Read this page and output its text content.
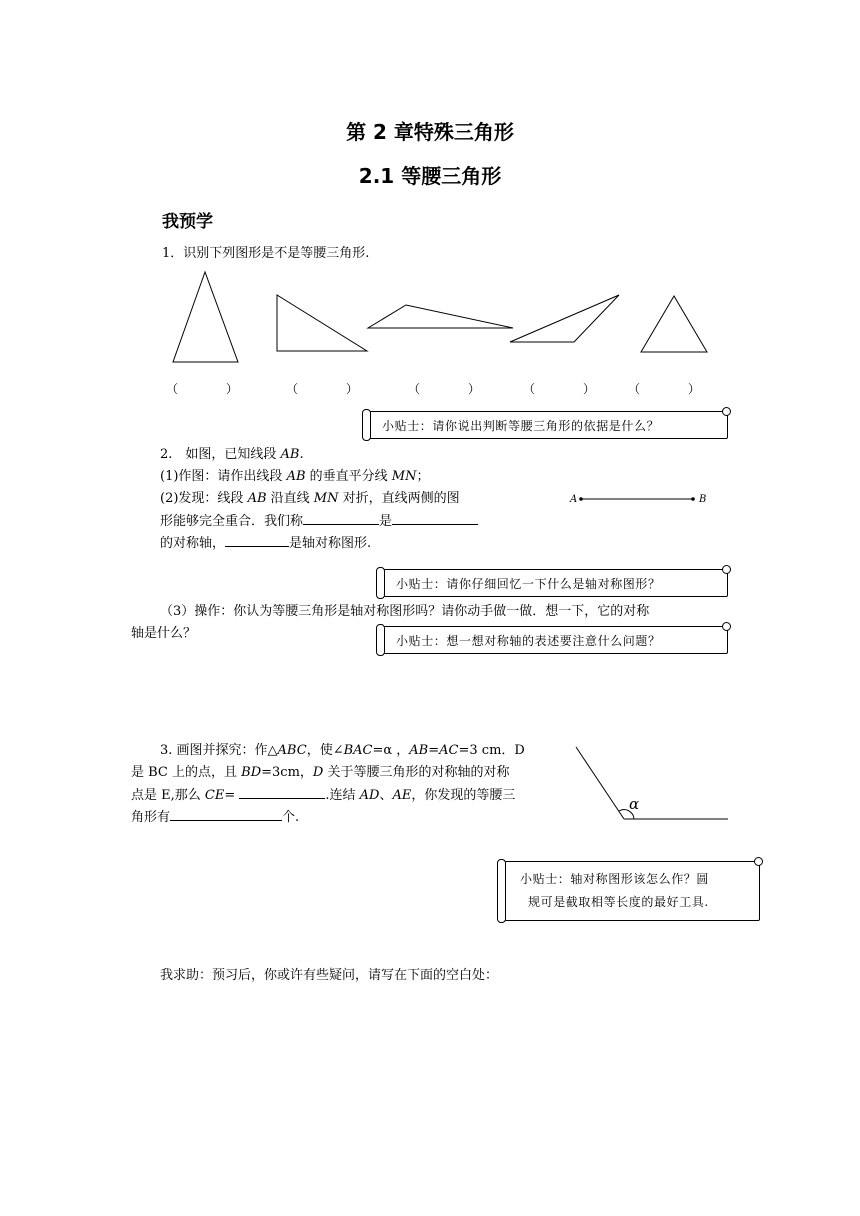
第 2 章特殊三角形
2.1 等腰三角形
我预学
1．识别下列图形是不是等腰三角形.
（　　　　）	（　　　　）	（　　　　）	（　　　　）	（　　　　）
小贴士：请你说出判断等腰三角形的依据是什么？
2.　如图，已知线段 AB.
(1)作图：请作出线段 AB 的垂直平分线 MN；
(2)发现：线段 AB 沿直线 MN 对折，直线两侧的图
形能够完全重合．我们称	是
的对称轴，	是轴对称图形.
A	B
小贴士：请你仔细回忆一下什么是轴对称图形？
（3）操作：你认为等腰三角形是轴对称图形吗？请你动手做一做．想一下，它的对称
轴是什么？	小贴士：想一想对称轴的表述要注意什么问题？
3. 画图并探究：作△ABC，使∠BAC=α ，AB=AC=3 cm．D
是 BC 上的点，且 BD=3cm，D 关于等腰三角形的对称轴的对称
点是 E,那么 CE=	.连结 AD、AE，你发现的等腰三
角形有	个.
α
小贴士：轴对称图形该怎么作？圆
规可是截取相等长度的最好工具.
我求助：预习后，你或许有些疑问，请写在下面的空白处：
